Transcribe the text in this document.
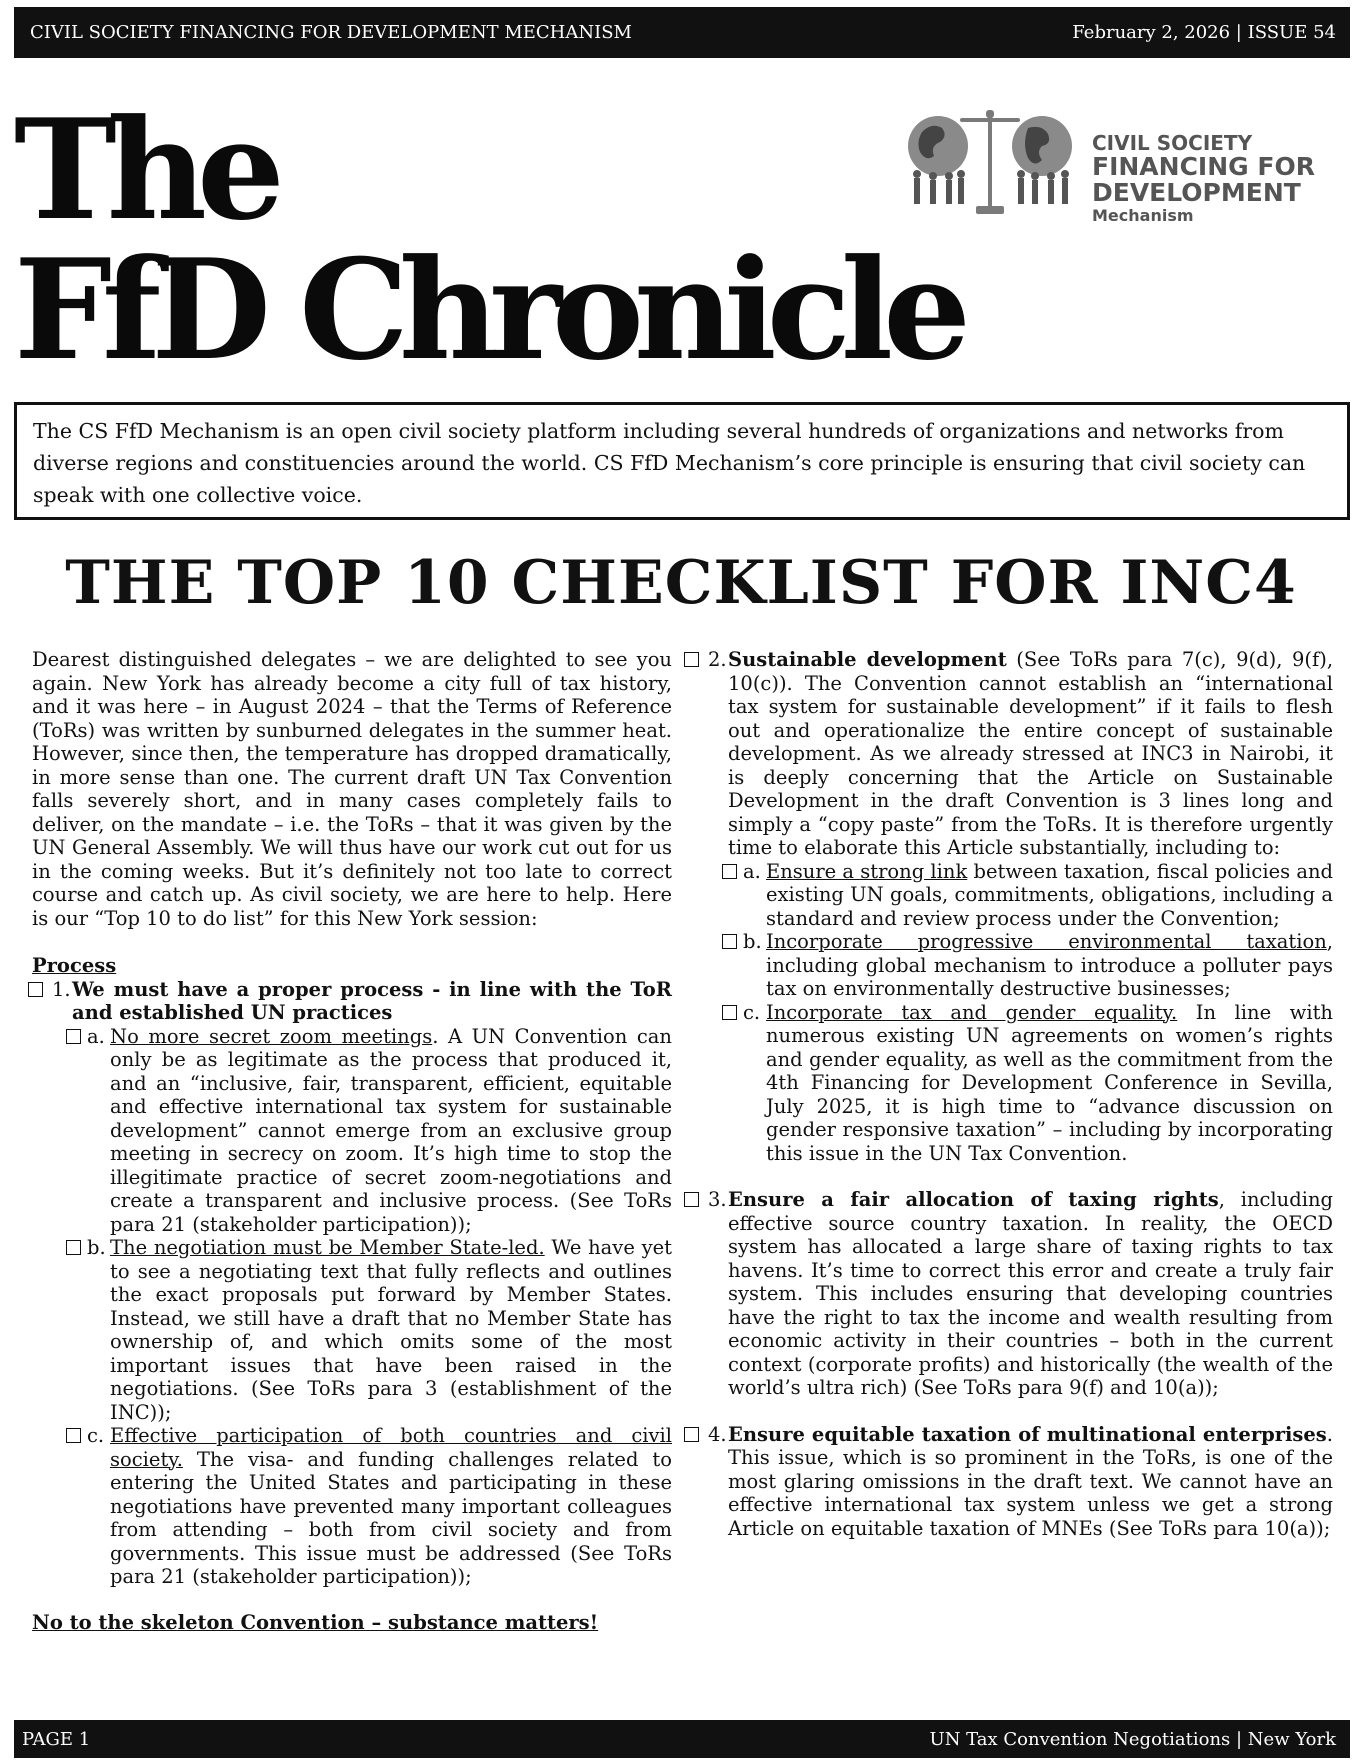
CIVIL SOCIETY FINANCING FOR DEVELOPMENT MECHANISM	February 2, 2026 | ISSUE 54
The
FfD Chronicle
CIVIL SOCIETY
FINANCING FOR
DEVELOPMENT
Mechanism
The CS FfD Mechanism is an open civil society platform including several hundreds of organizations and networks from diverse regions and constituencies around the world. CS FfD Mechanism’s core principle is ensuring that civil society can speak with one collective voice.
THE TOP 10 CHECKLIST FOR INC4

Dearest distinguished delegates – we are delighted to see you again. New York has already become a city full of tax history, and it was here – in August 2024 – that the Terms of Reference (ToRs) was written by sunburned delegates in the summer heat. However, since then, the temperature has dropped dramatically, in more sense than one. The current draft UN Tax Convention falls severely short, and in many cases completely fails to deliver, on the mandate – i.e. the ToRs – that it was given by the UN General Assembly. We will thus have our work cut out for us in the coming weeks. But it’s definitely not too late to correct course and catch up. As civil society, we are here to help. Here is our “Top 10 to do list” for this New York session:

Process
1. We must have a proper process - in line with the ToR and established UN practices
a. No more secret zoom meetings. A UN Convention can only be as legitimate as the process that produced it, and an “inclusive, fair, transparent, efficient, equitable and effective international tax system for sustainable development” cannot emerge from an exclusive group meeting in secrecy on zoom. It’s high time to stop the illegitimate practice of secret zoom-negotiations and create a transparent and inclusive process. (See ToRs para 21 (stakeholder participation));
b. The negotiation must be Member State-led. We have yet to see a negotiating text that fully reflects and outlines the exact proposals put forward by Member States. Instead, we still have a draft that no Member State has ownership of, and which omits some of the most important issues that have been raised in the negotiations. (See ToRs para 3 (establishment of the INC));
c. Effective participation of both countries and civil society. The visa- and funding challenges related to entering the United States and participating in these negotiations have prevented many important colleagues from attending – both from civil society and from governments. This issue must be addressed (See ToRs para 21 (stakeholder participation));
No to the skeleton Convention – substance matters!
2. Sustainable development (See ToRs para 7(c), 9(d), 9(f), 10(c)). The Convention cannot establish an “international tax system for sustainable development” if it fails to flesh out and operationalize the entire concept of sustainable development. As we already stressed at INC3 in Nairobi, it is deeply concerning that the Article on Sustainable Development in the draft Convention is 3 lines long and simply a “copy paste” from the ToRs. It is therefore urgently time to elaborate this Article substantially, including to:
a. Ensure a strong link between taxation, fiscal policies and existing UN goals, commitments, obligations, including a standard and review process under the Convention;
b. Incorporate progressive environmental taxation, including global mechanism to introduce a polluter pays tax on environmentally destructive businesses;
c. Incorporate tax and gender equality. In line with numerous existing UN agreements on women’s rights and gender equality, as well as the commitment from the 4th Financing for Development Conference in Sevilla, July 2025, it is high time to “advance discussion on gender responsive taxation” – including by incorporating this issue in the UN Tax Convention.
3. Ensure a fair allocation of taxing rights, including effective source country taxation. In reality, the OECD system has allocated a large share of taxing rights to tax havens. It’s time to correct this error and create a truly fair system. This includes ensuring that developing countries have the right to tax the income and wealth resulting from economic activity in their countries – both in the current context (corporate profits) and historically (the wealth of the world’s ultra rich) (See ToRs para 9(f) and 10(a));
4. Ensure equitable taxation of multinational enterprises. This issue, which is so prominent in the ToRs, is one of the most glaring omissions in the draft text. We cannot have an effective international tax system unless we get a strong Article on equitable taxation of MNEs (See ToRs para 10(a));
PAGE 1	UN Tax Convention Negotiations | New York
